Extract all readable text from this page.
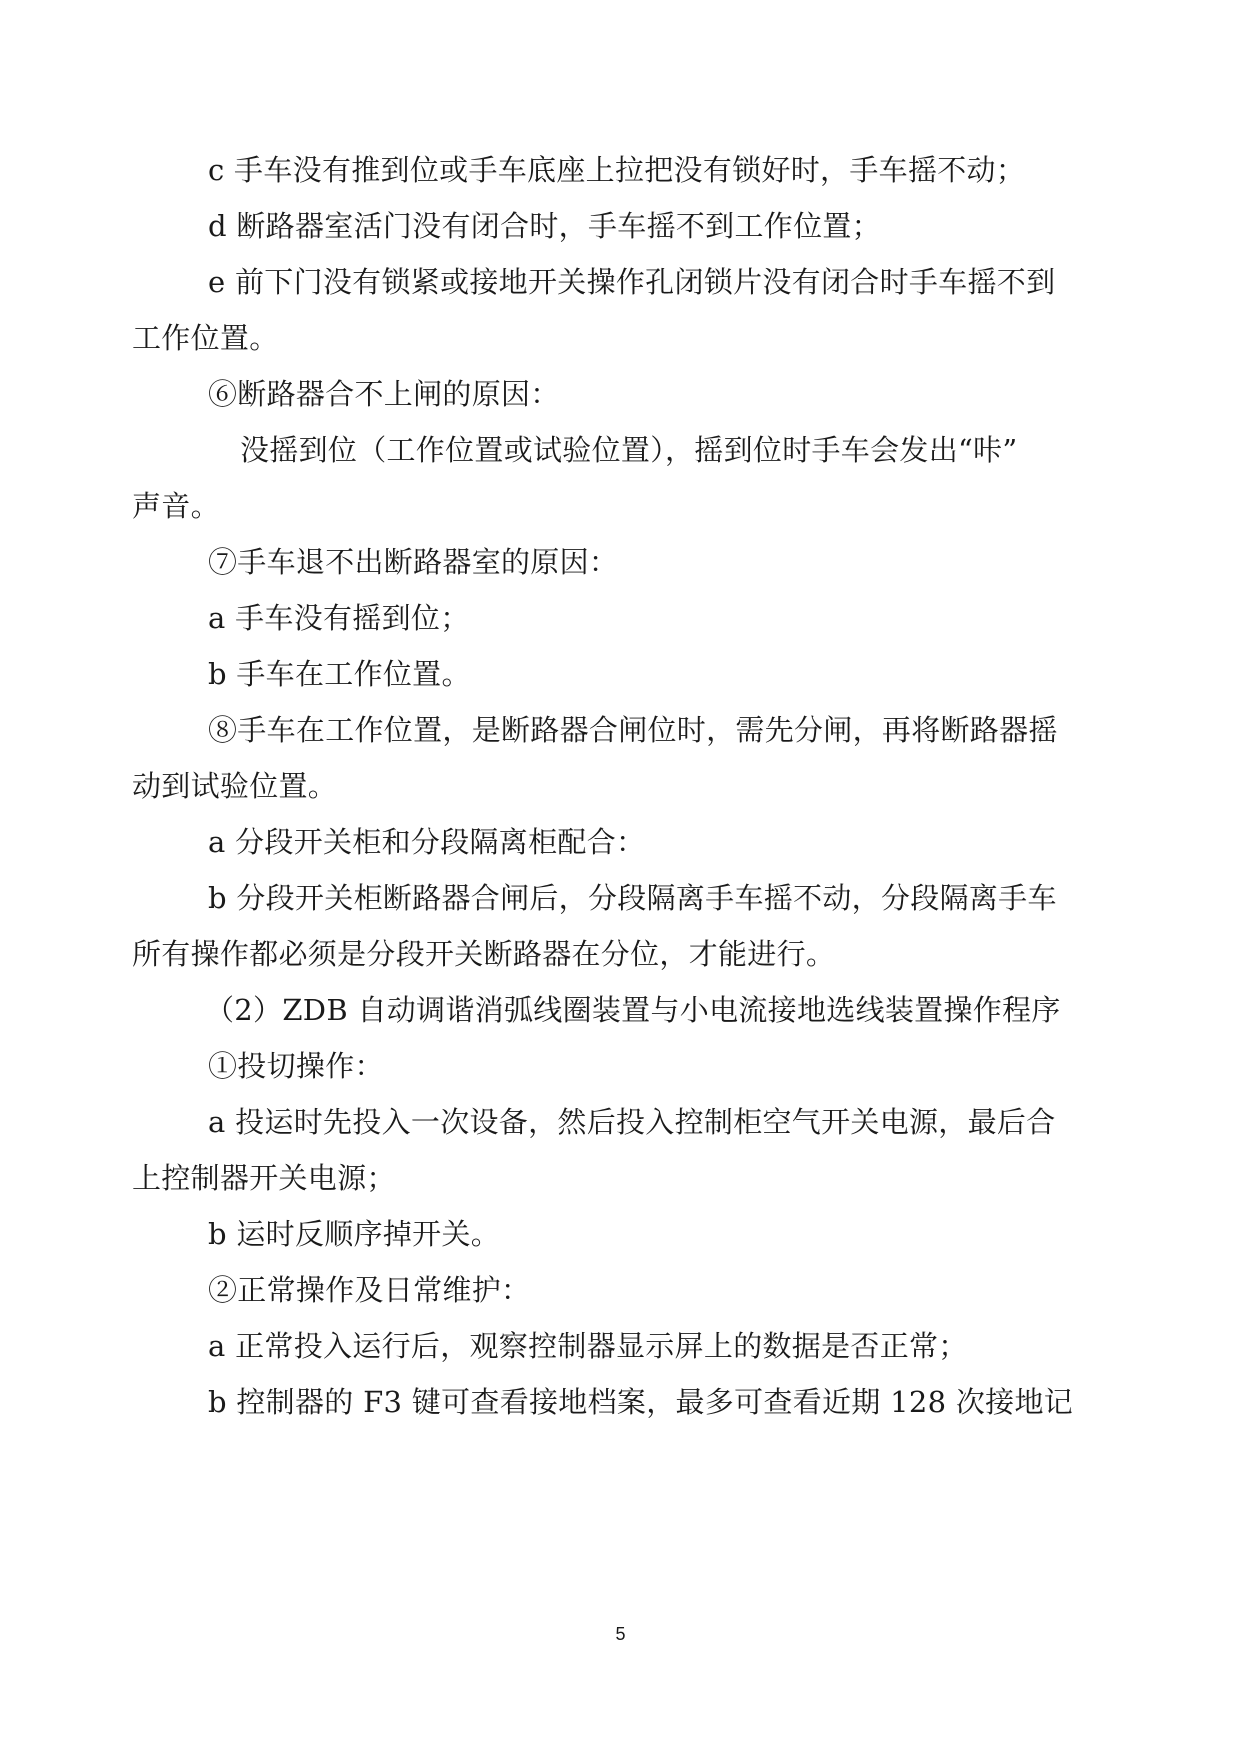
c 手车没有推到位或手车底座上拉把没有锁好时，手车摇不动；
d 断路器室活门没有闭合时，手车摇不到工作位置；
e 前下门没有锁紧或接地开关操作孔闭锁片没有闭合时手车摇不到
工作位置。
⑥断路器合不上闸的原因：
没摇到位（工作位置或试验位置），摇到位时手车会发出“咔”
声音。
⑦手车退不出断路器室的原因：
a 手车没有摇到位；
b 手车在工作位置。
⑧手车在工作位置，是断路器合闸位时，需先分闸，再将断路器摇
动到试验位置。
a 分段开关柜和分段隔离柜配合：
b 分段开关柜断路器合闸后，分段隔离手车摇不动，分段隔离手车
所有操作都必须是分段开关断路器在分位，才能进行。
（2）ZDB 自动调谐消弧线圈装置与小电流接地选线装置操作程序
①投切操作：
a 投运时先投入一次设备，然后投入控制柜空气开关电源，最后合
上控制器开关电源；
b 运时反顺序掉开关。
②正常操作及日常维护：
a 正常投入运行后，观察控制器显示屏上的数据是否正常；
b 控制器的 F3 键可查看接地档案，最多可查看近期 128 次接地记
5
